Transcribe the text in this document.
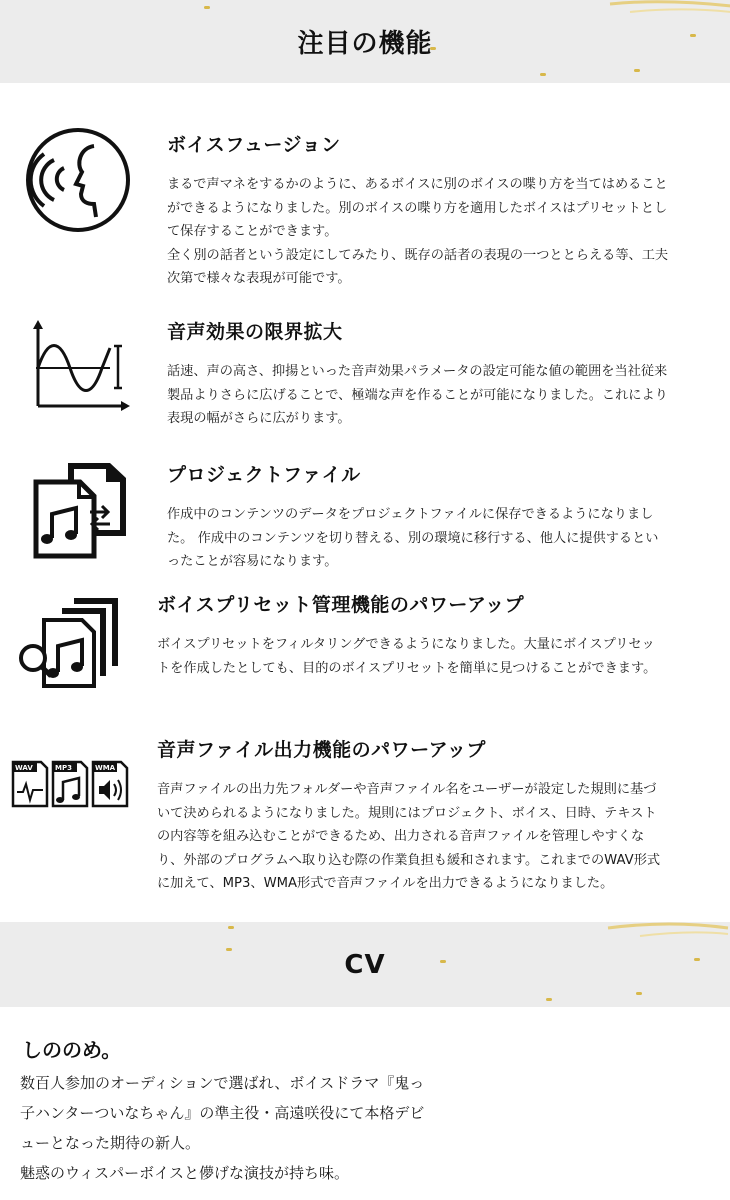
注目の機能
ボイスフュージョン

まるで声マネをするかのように、あるボイスに別のボイスの喋り方を当てはめること
ができるようになりました。別のボイスの喋り方を適用したボイスはプリセットとし
て保存することができます。
全く別の話者という設定にしてみたり、既存の話者の表現の一つととらえる等、工夫
次第で様々な表現が可能です。

音声効果の限界拡大

話速、声の高さ、抑揚といった音声効果パラメータの設定可能な値の範囲を当社従来
製品よりさらに広げることで、極端な声を作ることが可能になりました。これにより
表現の幅がさらに広がります。

プロジェクトファイル

作成中のコンテンツのデータをプロジェクトファイルに保存できるようになりまし
た。 作成中のコンテンツを切り替える、別の環境に移行する、他人に提供するとい
ったことが容易になります。

ボイスプリセット管理機能のパワーアップ

ボイスプリセットをフィルタリングできるようになりました。大量にボイスプリセッ
トを作成したとしても、目的のボイスプリセットを簡単に見つけることができます。

WAV	MP3	WMA
音声ファイル出力機能のパワーアップ

音声ファイルの出力先フォルダーや音声ファイル名をユーザーが設定した規則に基づ
いて決められるようになりました。規則にはプロジェクト、ボイス、日時、テキスト
の内容等を組み込むことができるため、出力される音声ファイルを管理しやすくな
り、外部のプログラムへ取り込む際の作業負担も緩和されます。これまでのWAV形式
に加えて、MP3、WMA形式で音声ファイルを出力できるようになりました。

CV
しののめ。

数百人参加のオーディションで選ばれ、ボイスドラマ『鬼っ
子ハンターついなちゃん』の準主役・高遠咲役にて本格デビ
ューとなった期待の新人。
魅惑のウィスパーボイスと儚げな演技が持ち味。
